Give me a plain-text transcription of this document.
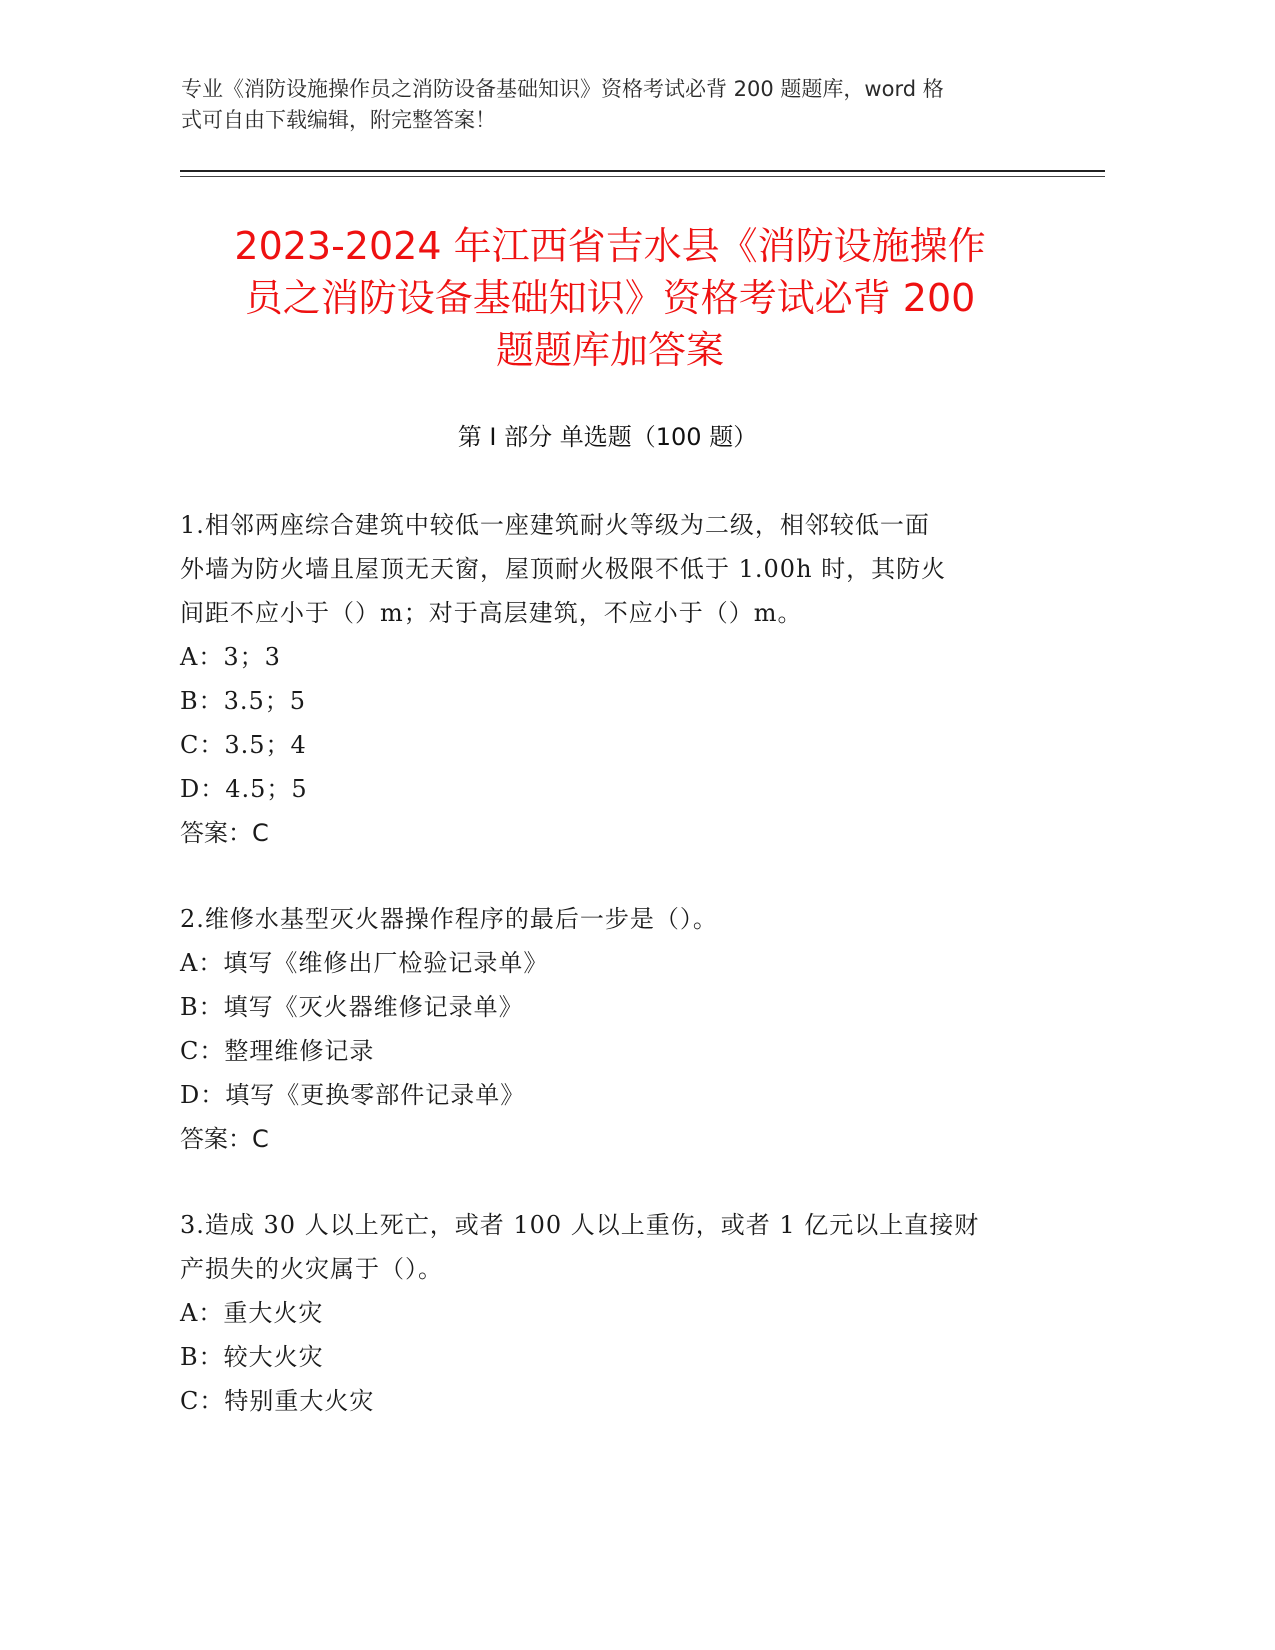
专业《消防设施操作员之消防设备基础知识》资格考试必背 200 题题库，word 格
式可自由下载编辑，附完整答案！
2023-2024 年江西省吉水县《消防设施操作
员之消防设备基础知识》资格考试必背 200
题题库加答案
第 I 部分 单选题（100 题）

1.相邻两座综合建筑中较低一座建筑耐火等级为二级，相邻较低一面

外墙为防火墙且屋顶无天窗，屋顶耐火极限不低于 1.00h 时，其防火

间距不应小于（）m；对于高层建筑，不应小于（）m。

A：3；3

B：3.5；5

C：3.5；4

D：4.5；5

答案：C

2.维修水基型灭火器操作程序的最后一步是（）。

A：填写《维修出厂检验记录单》

B：填写《灭火器维修记录单》

C：整理维修记录

D：填写《更换零部件记录单》

答案：C

3.造成 30 人以上死亡，或者 100 人以上重伤，或者 1 亿元以上直接财

产损失的火灾属于（）。

A：重大火灾

B：较大火灾

C：特别重大火灾
